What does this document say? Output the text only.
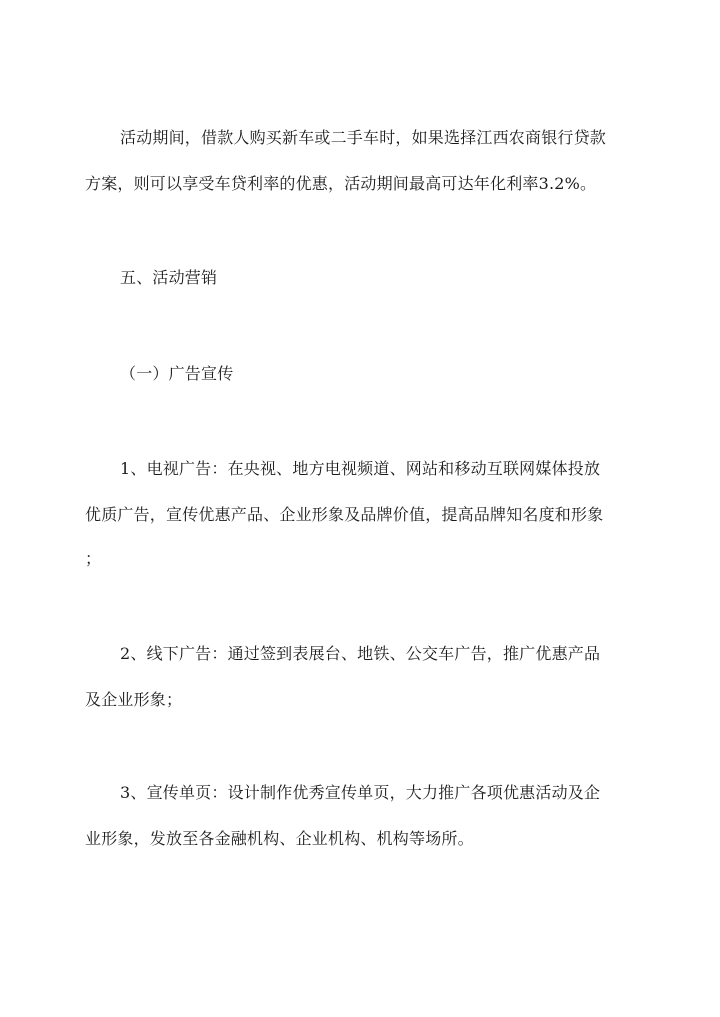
活动期间，借款人购买新车或二手车时，如果选择江西农商银行贷款
方案，则可以享受车贷利率的优惠，活动期间最高可达年化利率3.2%。
五、活动营销
（一）广告宣传
1、电视广告：在央视、地方电视频道、网站和移动互联网媒体投放
优质广告，宣传优惠产品、企业形象及品牌价值，提高品牌知名度和形象
；
2、线下广告：通过签到表展台、地铁、公交车广告，推广优惠产品
及企业形象；
3、宣传单页：设计制作优秀宣传单页，大力推广各项优惠活动及企
业形象，发放至各金融机构、企业机构、机构等场所。
